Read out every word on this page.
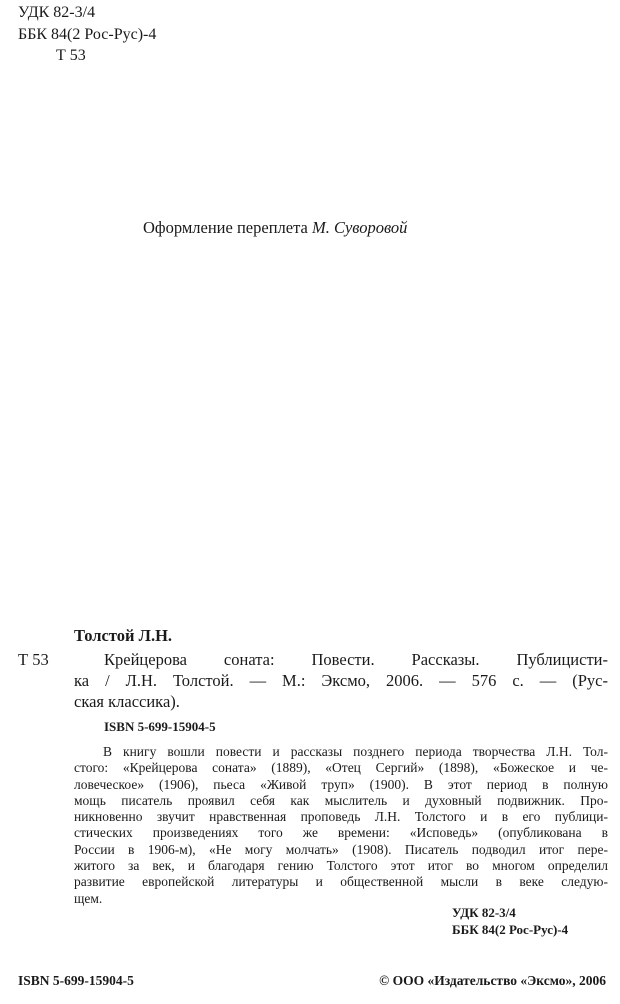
УДК 82-3/4
ББК 84(2 Рос-Рус)-4
Т 53
Оформление переплета М. Суворовой
Толстой Л.Н.
Т 53	Крейцерова соната: Повести. Рассказы. Публицисти-
ка / Л.Н. Толстой. — М.: Эксмо, 2006. — 576 с. — (Рус-
ская классика).
ISBN 5-699-15904-5
В книгу вошли повести и рассказы позднего периода творчества Л.Н. Тол-
стого: «Крейцерова соната» (1889), «Отец Сергий» (1898), «Божеское и че-
ловеческое» (1906), пьеса «Живой труп» (1900). В этот период в полную
мощь писатель проявил себя как мыслитель и духовный подвижник. Про-
никновенно звучит нравственная проповедь Л.Н. Толстого и в его публици-
стических произведениях того же времени: «Исповедь» (опубликована в
России в 1906-м), «Не могу молчать» (1908). Писатель подводил итог пере-
житого за век, и благодаря гению Толстого этот итог во многом определил
развитие европейской литературы и общественной мысли в веке следую-
щем.
УДК 82-3/4
ББК 84(2 Рос-Рус)-4
ISBN 5-699-15904-5	© ООО «Издательство «Эксмо», 2006
